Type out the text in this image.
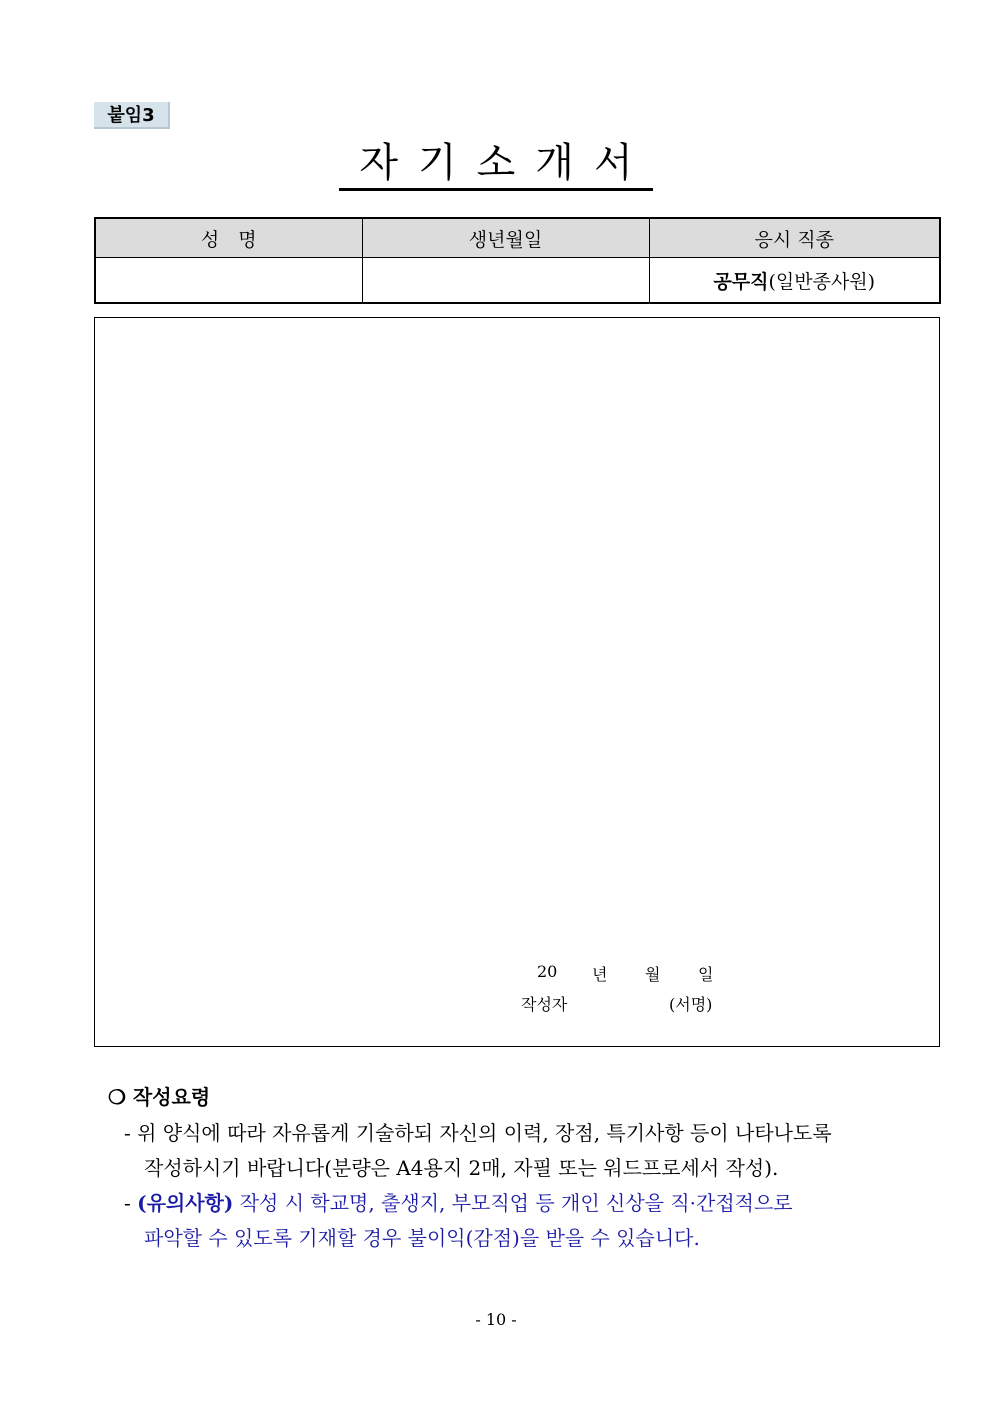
붙임3
자기소개서
성　명	생년월일	응시 직종
		공무직(일반종사원)
20 년 월 일
작성자	(서명)
❍ 작성요령
- 위 양식에 따라 자유롭게 기술하되 자신의 이력, 장점, 특기사항 등이 나타나도록
작성하시기 바랍니다(분량은 A4용지 2매, 자필 또는 워드프로세서 작성).
- (유의사항) 작성 시 학교명, 출생지, 부모직업 등 개인 신상을 직·간접적으로
파악할 수 있도록 기재할 경우 불이익(감점)을 받을 수 있습니다.
- 10 -
